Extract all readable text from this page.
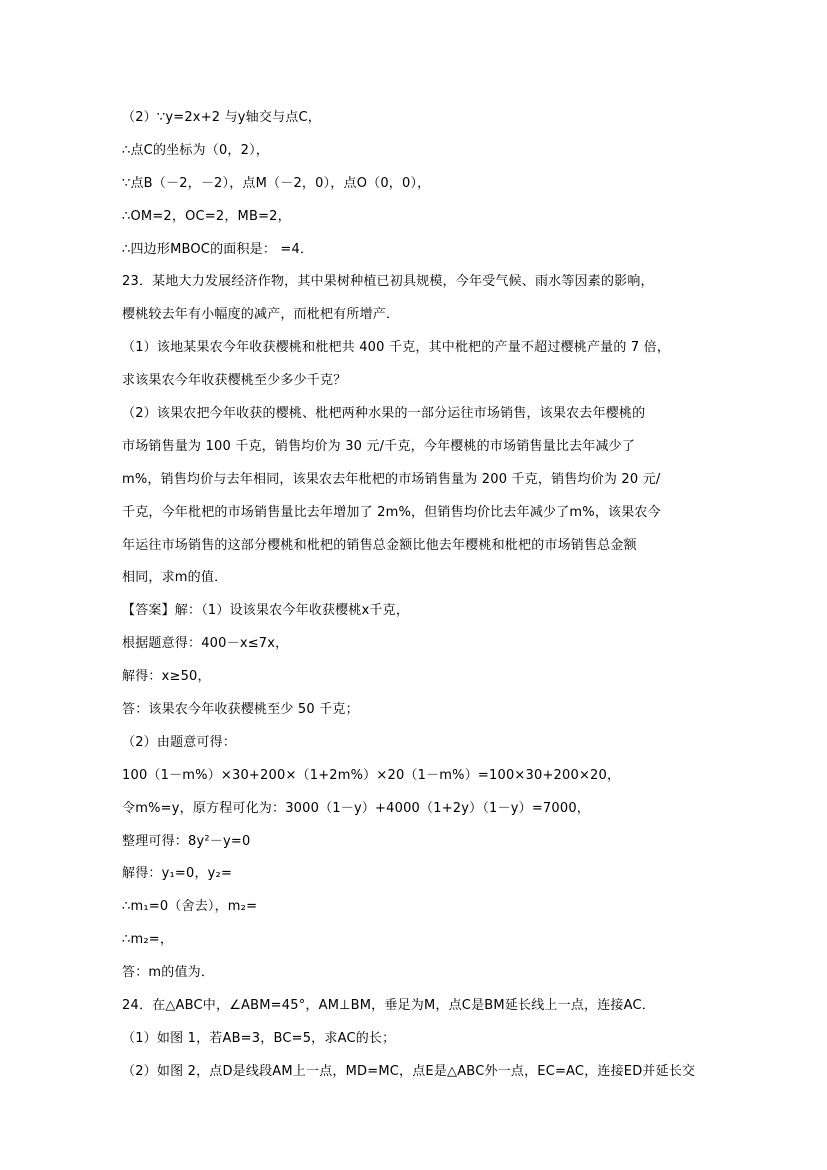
（2）∵y=2x+2 与y轴交与点C，
∴点C的坐标为（0，2），
∵点B（－2，－2），点M（－2，0），点O（0，0），
∴OM=2，OC=2，MB=2，
∴四边形MBOC的面积是： =4．
23．某地大力发展经济作物，其中果树种植已初具规模，今年受气候、雨水等因素的影响，
樱桃较去年有小幅度的减产，而枇杷有所增产．
（1）该地某果农今年收获樱桃和枇杷共 400 千克，其中枇杷的产量不超过樱桃产量的 7 倍，
求该果农今年收获樱桃至少多少千克？
（2）该果农把今年收获的樱桃、枇杷两种水果的一部分运往市场销售，该果农去年樱桃的
市场销售量为 100 千克，销售均价为 30 元/千克，今年樱桃的市场销售量比去年减少了
m%，销售均价与去年相同，该果农去年枇杷的市场销售量为 200 千克，销售均价为 20 元/
千克，今年枇杷的市场销售量比去年增加了 2m%，但销售均价比去年减少了m%，该果农今
年运往市场销售的这部分樱桃和枇杷的销售总金额比他去年樱桃和枇杷的市场销售总金额
相同，求m的值．
【答案】解：（1）设该果农今年收获樱桃x千克，
根据题意得：400－x≤7x，
解得：x≥50，
答：该果农今年收获樱桃至少 50 千克；
（2）由题意可得：
100（1－m%）×30+200×（1+2m%）×20（1－m%）=100×30+200×20，
令m%=y，原方程可化为：3000（1－y）+4000（1+2y）（1－y）=7000，
整理可得：8y²－y=0
解得：y₁=0，y₂=
∴m₁=0（舍去），m₂=
∴m₂=，
答：m的值为．
24．在△ABC中，∠ABM=45°，AM⊥BM，垂足为M，点C是BM延长线上一点，连接AC．
（1）如图 1，若AB=3，BC=5，求AC的长；
（2）如图 2，点D是线段AM上一点，MD=MC，点E是△ABC外一点，EC=AC，连接ED并延长交
